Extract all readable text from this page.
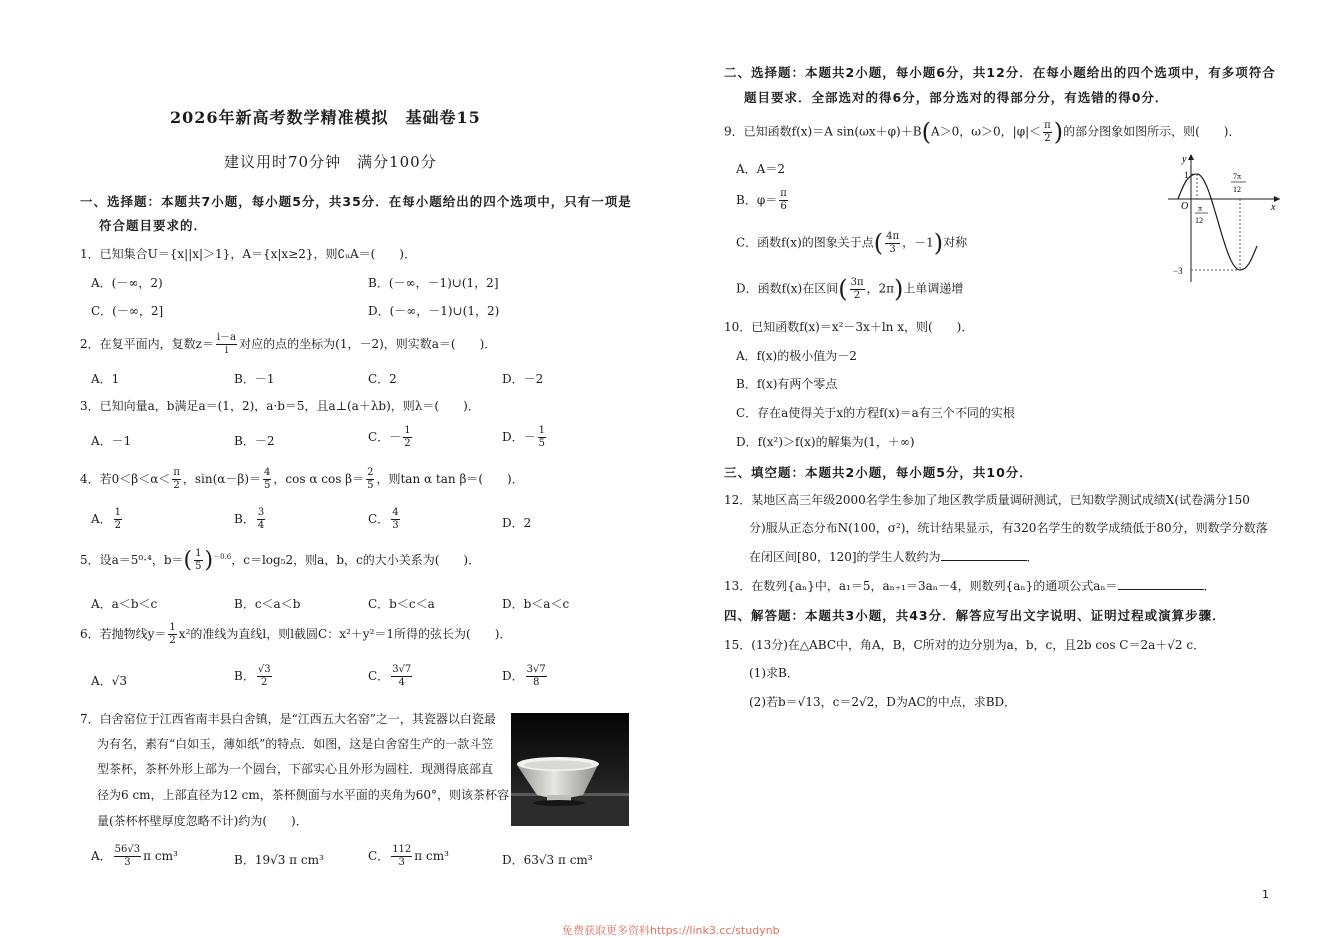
2026年新高考数学精准模拟　基础卷15
建议用时70分钟　满分100分
一、选择题：本题共7小题，每小题5分，共35分．在每小题给出的四个选项中，只有一项是
符合题目要求的．
1．已知集合U＝{x||x|＞1}，A＝{x|x≥2}，则∁ᵤA＝(　　)．
A．(－∞，2)	B．(－∞，－1)∪(1，2]
C．(－∞，2]	D．(－∞，－1)∪(1，2)
2．在复平面内，复数$z= \frac{i-a}{i}$ 对应的点的坐标为(1，－2)，则实数a＝(　　)．
A．1	B．－1	C．2	D．－2
3．已知向量a，b满足a＝(1，2)，a·b＝5，且a⊥(a＋λb)，则λ＝(　　)．
A．－1	B．－2	C．－ $\frac{1}{2}$	D．－ $\frac{1}{5}$
4．若$0<\beta<\alpha< \frac{\pi}{2}$ ，$\sin(\alpha-\beta)= \frac{4}{5}$ ，cos α $\cos \beta= \frac{2}{5}$ ，则tan α tan β＝(　　)．
A． $\frac{1}{2}$	B． $\frac{3}{4}$	C． $\frac{4}{3}$	D．2
5．设a＝5⁰·⁴，$b=( \frac{1}{5} )^{-0.6}$，c＝log₅2，则a，b，c的大小关系为(　　)．
A．a＜b＜c	B．c＜a＜b	C．b＜c＜a	D．b＜a＜c
6．若抛物线$y= \frac{1}{2} x^2$的准线为直线l，则l截圆C：x²＋y²＝1所得的弦长为(　　)．
A．√3	B． $\frac{√3}{2}$	C． $\frac{3√7}{4}$	D． $\frac{3√7}{8}$
7．白舍窑位于江西省南丰县白舍镇，是“江西五大名窑”之一，其瓷器以白瓷最
为有名，素有“白如玉，薄如纸”的特点．如图，这是白舍窑生产的一款斗笠
型茶杯，茶杯外形上部为一个圆台，下部实心且外形为圆柱．现测得底部直
径为6 cm，上部直径为12 cm，茶杯侧面与水平面的夹角为60°，则该茶杯容
量(茶杯杯壁厚度忽略不计)约为(　　)．
A． $\frac{56√3}{3}$ π cm³	B．19√3 π cm³	C． $\frac{112}{3}$ π cm³	D．63√3 π cm³
二、选择题：本题共2小题，每小题6分，共12分．在每小题给出的四个选项中，有多项符合
题目要求．全部选对的得6分，部分选对的得部分分，有选错的得0分．
9．已知函数f(x)＝A sin(ωx＋φ)＋B(A＞0，ω＞0，$|\varphi|< \frac{\pi}{2}$ )的部分图象如图所示，则(　　)．
A．A＝2
B．$\varphi= \frac{\pi}{6}$
C．函数f(x)的图象关于点( $\frac{4\pi}{3}$ ，－1)对称
D．函数f(x)在区间( $\frac{3\pi}{2}$ ，2π)上单调递增
y
x
O
1
−3
π
12
7π
12
10．已知函数f(x)＝x²－3x＋ln x，则(　　)．
A．f(x)的极小值为－2
B．f(x)有两个零点
C．存在a使得关于x的方程f(x)＝a有三个不同的实根
D．f(x²)＞f(x)的解集为(1，＋∞)
三、填空题：本题共2小题，每小题5分，共10分．
12．某地区高三年级2000名学生参加了地区教学质量调研测试，已知数学测试成绩X(试卷满分150
分)服从正态分布N(100，σ²)，统计结果显示，有320名学生的数学成绩低于80分，则数学分数落
在闭区间[80，120]的学生人数约为	．
13．在数列{aₙ}中，a₁＝5，aₙ₊₁＝3aₙ－4，则数列{aₙ}的通项公式aₙ＝	．
四、解答题：本题共3小题，共43分．解答应写出文字说明、证明过程或演算步骤．
15．(13分)在△ABC中，角A，B，C所对的边分别为a，b，c，且2b cos C＝2a＋√2 c．
(1)求B．
(2)若b＝√13，c＝2√2，D为AC的中点，求BD．
1
免费获取更多资料https://link3.cc/studynb
